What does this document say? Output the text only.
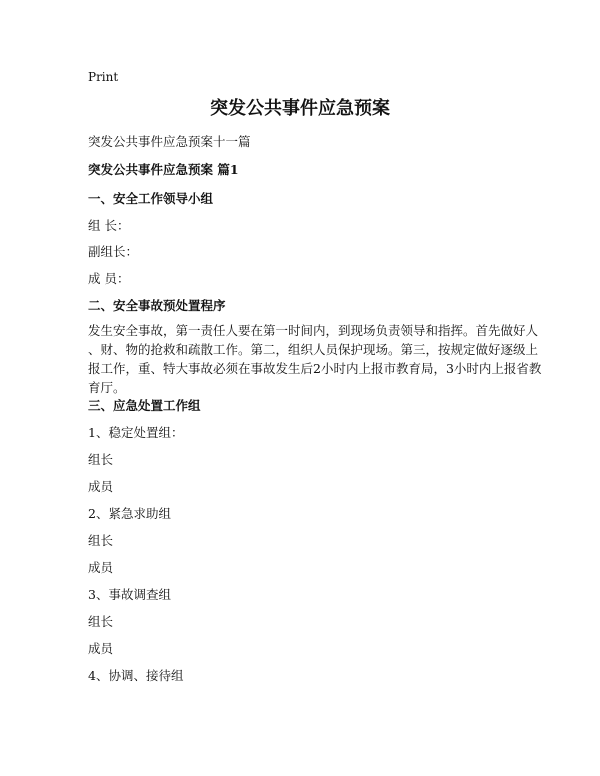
Print
突发公共事件应急预案
突发公共事件应急预案十一篇
突发公共事件应急预案 篇1
一、安全工作领导小组
组 长：
副组长：
成 员：
二、安全事故预处置程序
发生安全事故，第一责任人要在第一时间内，到现场负责领导和指挥。首先做好人
、财、物的抢救和疏散工作。第二，组织人员保护现场。第三，按规定做好逐级上
报工作，重、特大事故必须在事故发生后2小时内上报市教育局，3小时内上报省教
育厅。
三、应急处置工作组
1、稳定处置组：
组长
成员
2、紧急求助组
组长
成员
3、事故调查组
组长
成员
4、协调、接待组
